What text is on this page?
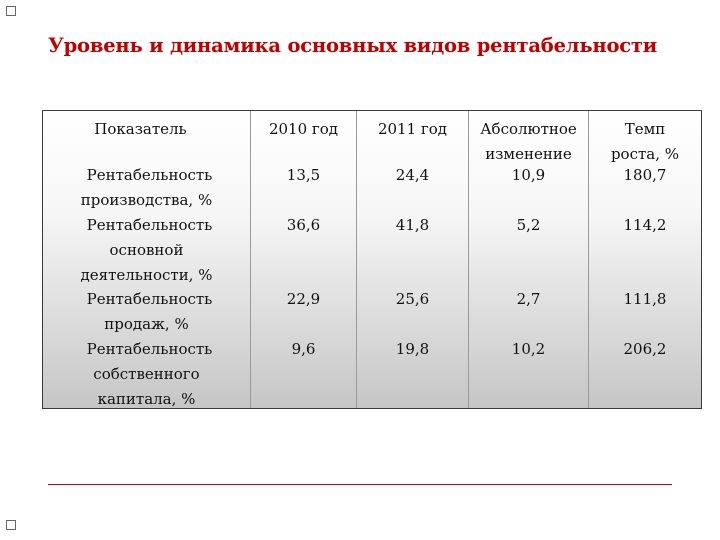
Уровень и динамика основных видов рентабельности
Показатель
Рентабельность
производства, %
Рентабельность
основной
деятельности, %
Рентабельность
продаж, %
Рентабельность
собственного
капитала, %
2010 год
13,5
36,6
22,9
9,6
2011 год
24,4
41,8
25,6
19,8
Абсолютное
изменение
10,9
5,2
2,7
10,2
Темп
роста, %
180,7
114,2
111,8
206,2
